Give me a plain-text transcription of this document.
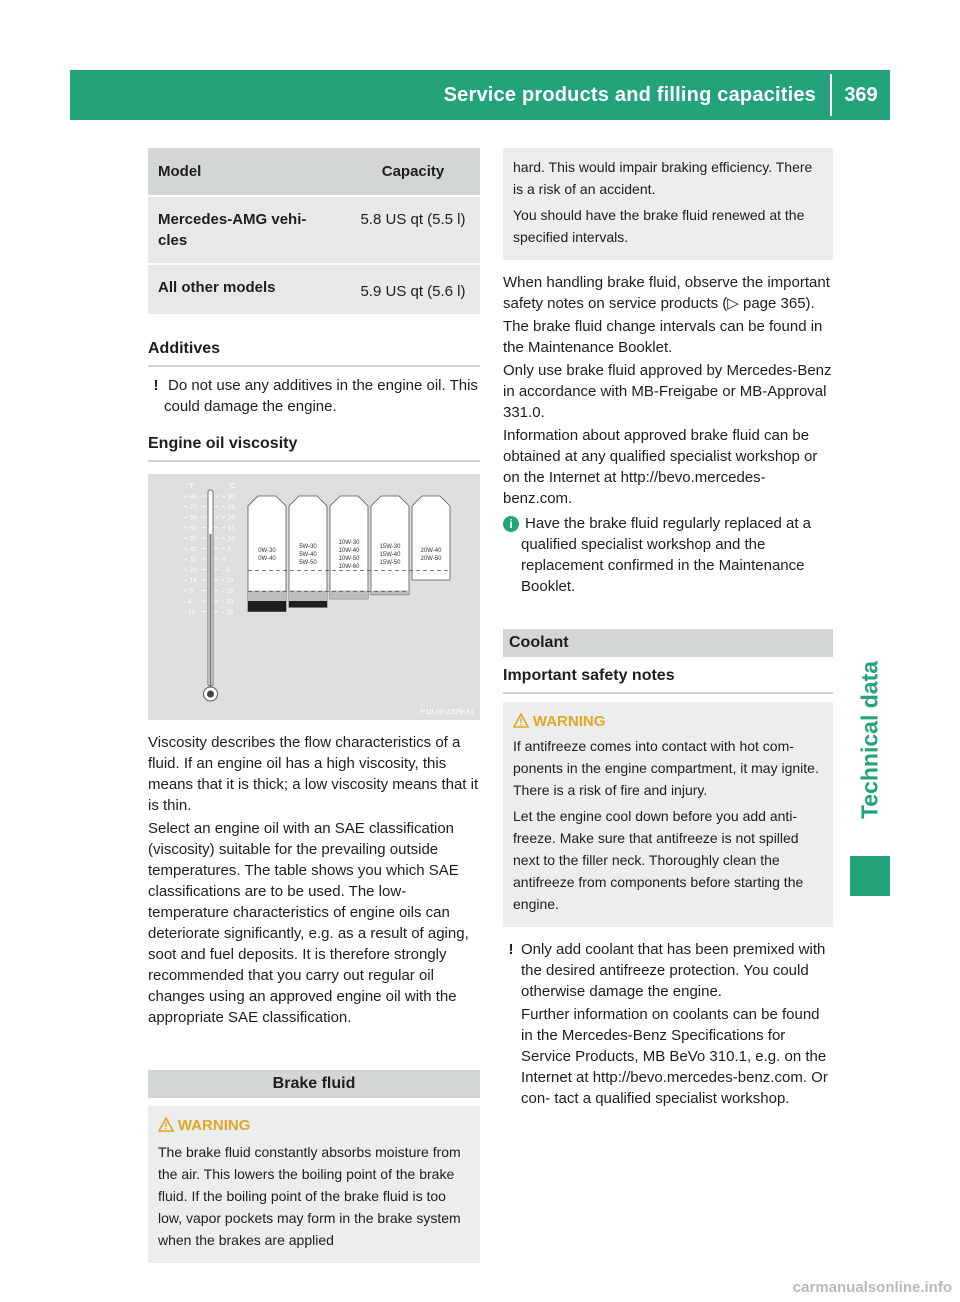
Service products and filling capacities	369
Technical data
Model	Capacity
Mercedes-AMG vehi- cles	5.8 US qt (5.5 l)
All other models	5.9 US qt (5.6 l)
Additives
! Do not use any additives in the engine oil. This could damage the engine.
Engine oil viscosity
°F	°C
+ 86
+ 77
+ 68
+ 59
+ 50
+ 41
+ 32
+ 23
+ 14
+ 5
- 4
- 13
+ 30
+ 25
+ 20
+ 15
+ 10
+ 5
0
- 5
- 10
- 15
- 20
- 25
0W-30
0W-40
5W-30
5W-40
5W-50
10W-30
10W-40
10W-50
10W-60
15W-30
15W-40
15W-50
20W-40
20W-50
P18.00-2329-31
Viscosity describes the flow characteristics of a fluid. If an engine oil has a high viscosity, this means that it is thick; a low viscosity means that it is thin.
Select an engine oil with an SAE classification (viscosity) suitable for the prevailing outside temperatures. The table shows you which SAE classifications are to be used. The low-temperature characteristics of engine oils can deteriorate significantly, e.g. as a result of aging, soot and fuel deposits. It is therefore strongly recommended that you carry out regular oil changes using an approved engine oil with the appropriate SAE classification.
Brake fluid
WARNING
The brake fluid constantly absorbs moisture from the air. This lowers the boiling point of the brake fluid. If the boiling point of the brake fluid is too low, vapor pockets may form in the brake system when the brakes are applied
hard. This would impair braking efficiency. There is a risk of an accident.
You should have the brake fluid renewed at the specified intervals.
When handling brake fluid, observe the important safety notes on service products (▷ page 365).
The brake fluid change intervals can be found in the Maintenance Booklet.
Only use brake fluid approved by Mercedes-Benz in accordance with MB-Freigabe or MB-Approval 331.0.
Information about approved brake fluid can be obtained at any qualified specialist workshop or on the Internet at http://bevo.mercedes-benz.com.
i Have the brake fluid regularly replaced at a qualified specialist workshop and the replacement confirmed in the Maintenance Booklet.
Coolant
Important safety notes
WARNING
If antifreeze comes into contact with hot com- ponents in the engine compartment, it may ignite. There is a risk of fire and injury.
Let the engine cool down before you add anti- freeze. Make sure that antifreeze is not spilled next to the filler neck. Thoroughly clean the antifreeze from components before starting the engine.
! Only add coolant that has been premixed with the desired antifreeze protection. You could otherwise damage the engine.
Further information on coolants can be found in the Mercedes-Benz Specifications for Service Products, MB BeVo 310.1, e.g. on the Internet at http://bevo.mercedes-benz.com. Or con- tact a qualified specialist workshop.
carmanualsonline.info
